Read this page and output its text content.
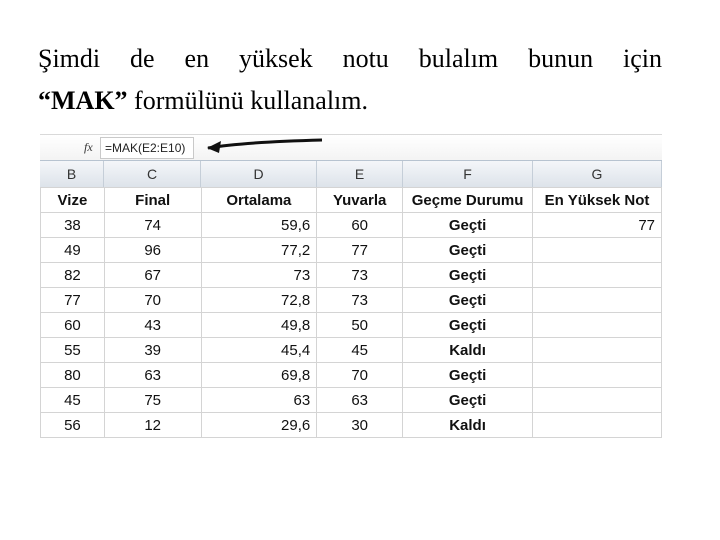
Şimdi de en yüksek notu bulalım bunun için
“MAK” formülünü kullanalım.
fx	=MAK(E2:E10)
B	C	D	E	F	G
Vize	Final	Ortalama	Yuvarla	Geçme Durumu	En Yüksek Not
38	74	59,6	60	Geçti	77
49	96	77,2	77	Geçti	
82	67	73	73	Geçti	
77	70	72,8	73	Geçti	
60	43	49,8	50	Geçti	
55	39	45,4	45	Kaldı	
80	63	69,8	70	Geçti	
45	75	63	63	Geçti	
56	12	29,6	30	Kaldı	
